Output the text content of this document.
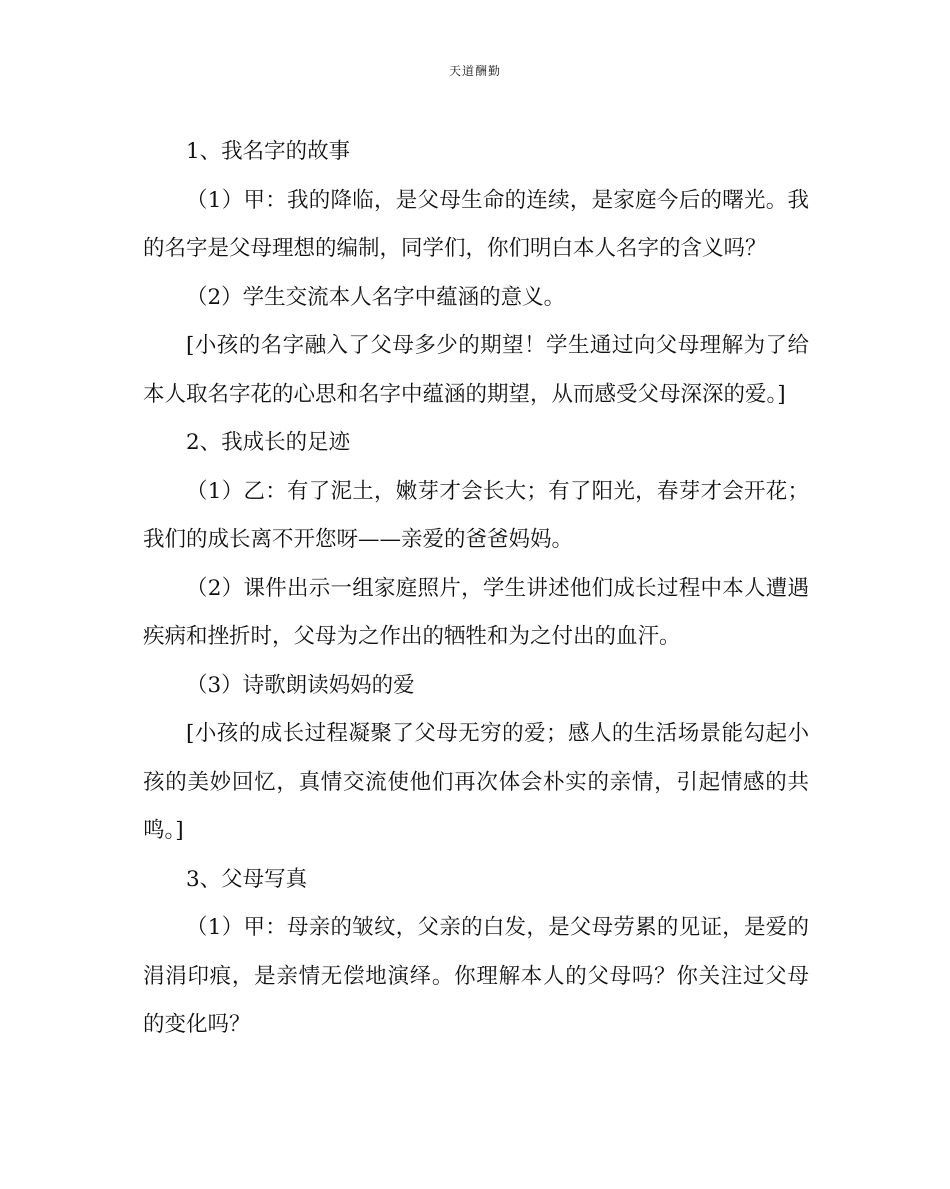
天道酬勤

1、我名字的故事

（1）甲：我的降临，是父母生命的连续，是家庭今后的曙光。我的名字是父母理想的编制，同学们，你们明白本人名字的含义吗？

（2）学生交流本人名字中蕴涵的意义。

[小孩的名字融入了父母多少的期望！学生通过向父母理解为了给本人取名字花的心思和名字中蕴涵的期望，从而感受父母深深的爱。]

2、我成长的足迹

（1）乙：有了泥土，嫩芽才会长大；有了阳光，春芽才会开花；我们的成长离不开您呀——亲爱的爸爸妈妈。

（2）课件出示一组家庭照片，学生讲述他们成长过程中本人遭遇疾病和挫折时，父母为之作出的牺牲和为之付出的血汗。

（3）诗歌朗读妈妈的爱

[小孩的成长过程凝聚了父母无穷的爱；感人的生活场景能勾起小孩的美妙回忆，真情交流使他们再次体会朴实的亲情，引起情感的共鸣。]

3、父母写真

（1）甲：母亲的皱纹，父亲的白发，是父母劳累的见证，是爱的涓涓印痕，是亲情无偿地演绎。你理解本人的父母吗？你关注过父母的变化吗？
